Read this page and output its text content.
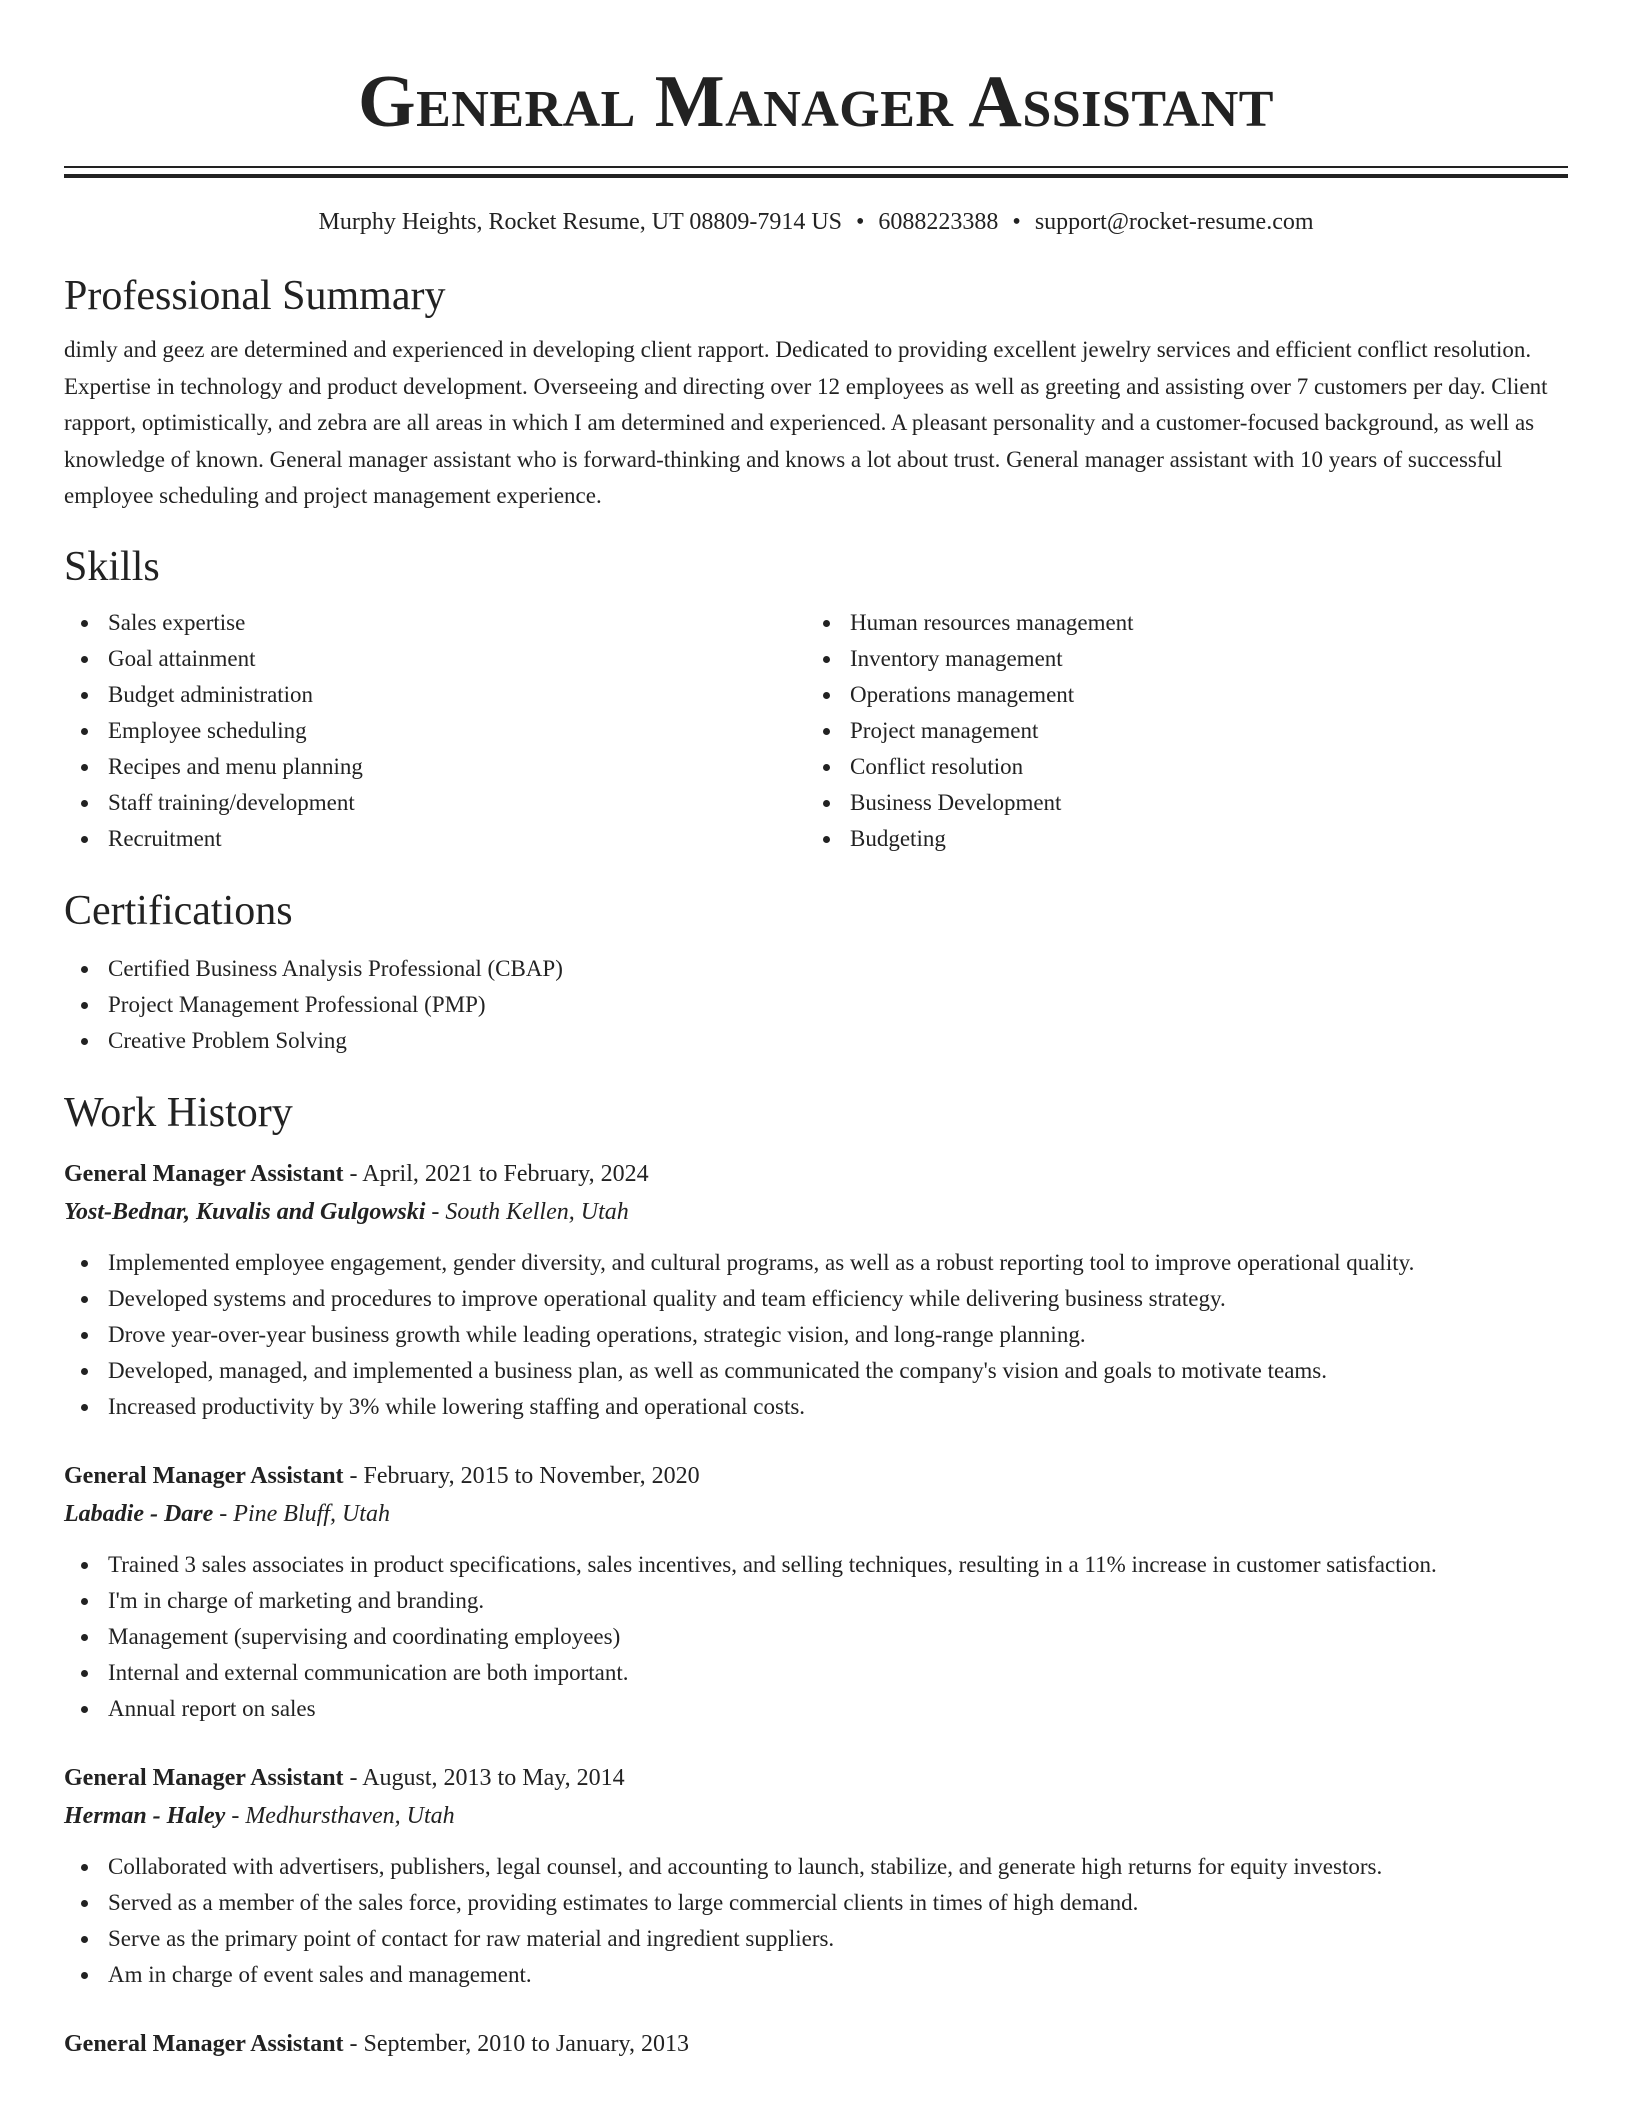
General Manager Assistant
Murphy Heights, Rocket Resume, UT 08809-7914 US • 6088223388 • support@rocket-resume.com
Professional Summary
dimly and geez are determined and experienced in developing client rapport. Dedicated to providing excellent jewelry services and efficient conflict resolution. Expertise in technology and product development. Overseeing and directing over 12 employees as well as greeting and assisting over 7 customers per day. Client rapport, optimistically, and zebra are all areas in which I am determined and experienced. A pleasant personality and a customer-focused background, as well as knowledge of known. General manager assistant who is forward-thinking and knows a lot about trust. General manager assistant with 10 years of successful employee scheduling and project management experience.
Skills
Sales expertise
Goal attainment
Budget administration
Employee scheduling
Recipes and menu planning
Staff training/development
Recruitment
Human resources management
Inventory management
Operations management
Project management
Conflict resolution
Business Development
Budgeting
Certifications
Certified Business Analysis Professional (CBAP)
Project Management Professional (PMP)
Creative Problem Solving
Work History
General Manager Assistant - April, 2021 to February, 2024
Yost-Bednar, Kuvalis and Gulgowski - South Kellen, Utah
Implemented employee engagement, gender diversity, and cultural programs, as well as a robust reporting tool to improve operational quality.
Developed systems and procedures to improve operational quality and team efficiency while delivering business strategy.
Drove year-over-year business growth while leading operations, strategic vision, and long-range planning.
Developed, managed, and implemented a business plan, as well as communicated the company's vision and goals to motivate teams.
Increased productivity by 3% while lowering staffing and operational costs.
General Manager Assistant - February, 2015 to November, 2020
Labadie - Dare - Pine Bluff, Utah
Trained 3 sales associates in product specifications, sales incentives, and selling techniques, resulting in a 11% increase in customer satisfaction.
I'm in charge of marketing and branding.
Management (supervising and coordinating employees)
Internal and external communication are both important.
Annual report on sales
General Manager Assistant - August, 2013 to May, 2014
Herman - Haley - Medhursthaven, Utah
Collaborated with advertisers, publishers, legal counsel, and accounting to launch, stabilize, and generate high returns for equity investors.
Served as a member of the sales force, providing estimates to large commercial clients in times of high demand.
Serve as the primary point of contact for raw material and ingredient suppliers.
Am in charge of event sales and management.
General Manager Assistant - September, 2010 to January, 2013
